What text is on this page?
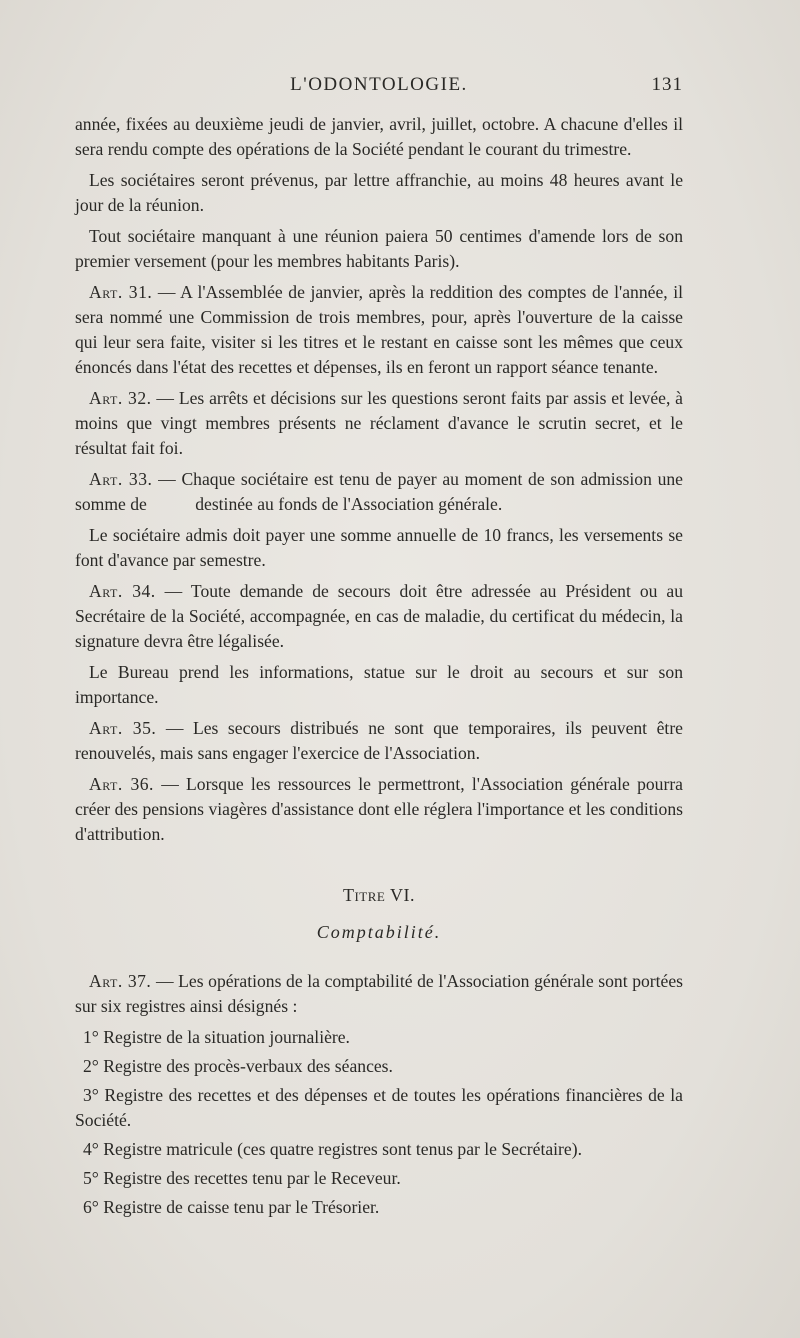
L'ODONTOLOGIE.	131

année, fixées au deuxième jeudi de janvier, avril, juillet, octobre. A chacune d'elles il sera rendu compte des opérations de la Société pendant le courant du trimestre.

Les sociétaires seront prévenus, par lettre affranchie, au moins 48 heures avant le jour de la réunion.

Tout sociétaire manquant à une réunion paiera 50 centimes d'amende lors de son premier versement (pour les membres habitants Paris).

Art. 31. — A l'Assemblée de janvier, après la reddition des comptes de l'année, il sera nommé une Commission de trois membres, pour, après l'ouverture de la caisse qui leur sera faite, visiter si les titres et le restant en caisse sont les mêmes que ceux énoncés dans l'état des recettes et dépenses, ils en feront un rapport séance tenante.

Art. 32. — Les arrêts et décisions sur les questions seront faits par assis et levée, à moins que vingt membres présents ne réclament d'avance le scrutin secret, et le résultat fait foi.

Art. 33. — Chaque sociétaire est tenu de payer au moment de son admission une somme de           destinée au fonds de l'Association générale.

Le sociétaire admis doit payer une somme annuelle de 10 francs, les versements se font d'avance par semestre.

Art. 34. — Toute demande de secours doit être adressée au Président ou au Secrétaire de la Société, accompagnée, en cas de maladie, du certificat du médecin, la signature devra être légalisée.

Le Bureau prend les informations, statue sur le droit au secours et sur son importance.

Art. 35. — Les secours distribués ne sont que temporaires, ils peuvent être renouvelés, mais sans engager l'exercice de l'Association.

Art. 36. — Lorsque les ressources le permettront, l'Association générale pourra créer des pensions viagères d'assistance dont elle réglera l'importance et les conditions d'attribution.

Titre VI.
Comptabilité.

Art. 37. — Les opérations de la comptabilité de l'Association générale sont portées sur six registres ainsi désignés :

1° Registre de la situation journalière.

2° Registre des procès-verbaux des séances.

3° Registre des recettes et des dépenses et de toutes les opérations financières de la Société.

4° Registre matricule (ces quatre registres sont tenus par le Secrétaire).

5° Registre des recettes tenu par le Receveur.

6° Registre de caisse tenu par le Trésorier.
